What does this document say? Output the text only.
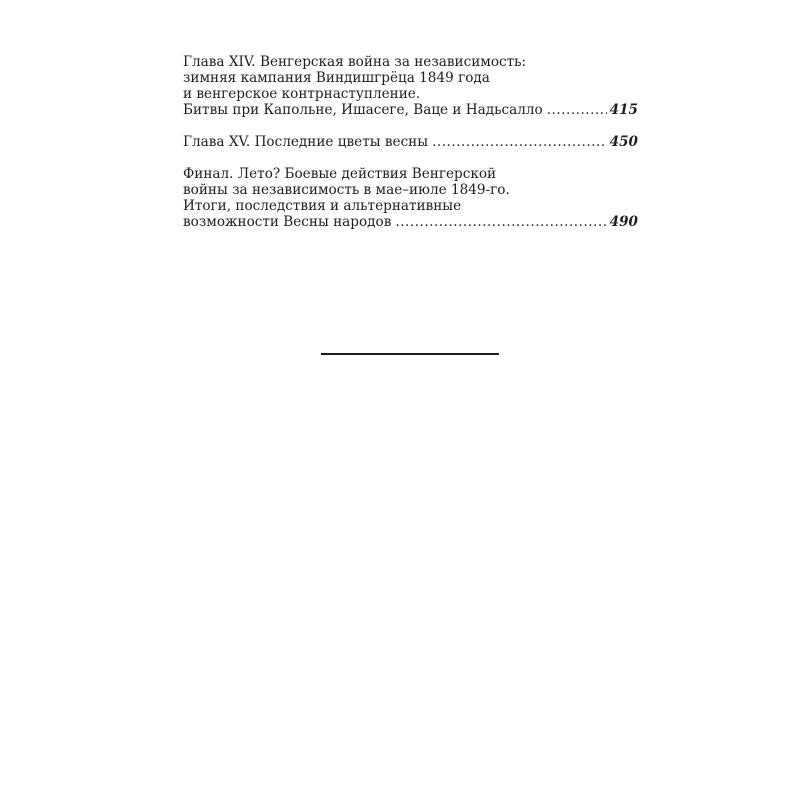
Глава XIV. Венгерская война за независимость:
зимняя кампания Виндишгрёца 1849 года
и венгерское контрнаступление.
Битвы при Капольне, Ишасеге, Ваце и Надьсалло .....	415
Глава XV. Последние цветы весны .....	450
Финал. Лето? Боевые действия Венгерской
войны за независимость в мае–июле 1849-го.
Итоги, последствия и альтернативные
возможности Весны народов .....	490
